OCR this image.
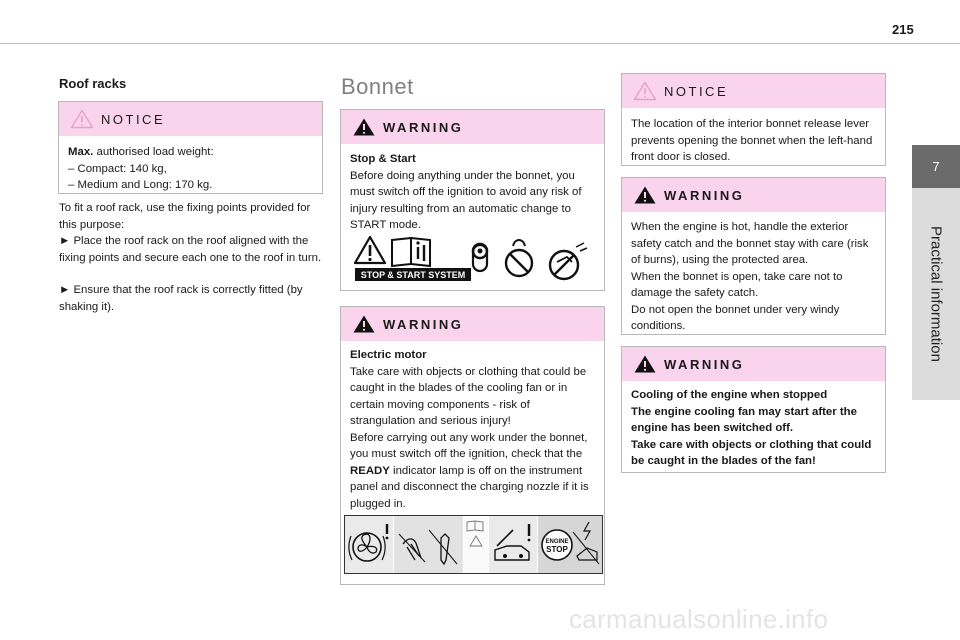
215
7
Practical information
Roof racks
NOTICE

Max. authorised load weight:

– Compact: 140 kg,

– Medium and Long: 170 kg.

To fit a roof rack, use the fixing points provided for this purpose:

► Place the roof rack on the roof aligned with the fixing points and secure each one to the roof in turn.

► Ensure that the roof rack is correctly fitted (by shaking it).

Bonnet
WARNING

Stop & Start

Before doing anything under the bonnet, you must switch off the ignition to avoid any risk of injury resulting from an automatic change to START mode.

STOP & START SYSTEM
WARNING

Electric motor

Take care with objects or clothing that could be caught in the blades of the cooling fan or in certain moving components - risk of strangulation and serious injury!

Before carrying out any work under the bonnet, you must switch off the ignition, check that the READY indicator lamp is off on the instrument panel and disconnect the charging nozzle if it is plugged in.

ENGINE
STOP
NOTICE

The location of the interior bonnet release lever prevents opening the bonnet when the left-hand front door is closed.

WARNING

When the engine is hot, handle the exterior safety catch and the bonnet stay with care (risk of burns), using the protected area.

When the bonnet is open, take care not to damage the safety catch.

Do not open the bonnet under very windy conditions.

WARNING

Cooling of the engine when stopped

The engine cooling fan may start after the engine has been switched off.

Take care with objects or clothing that could be caught in the blades of the fan!

carmanualsonline.info
